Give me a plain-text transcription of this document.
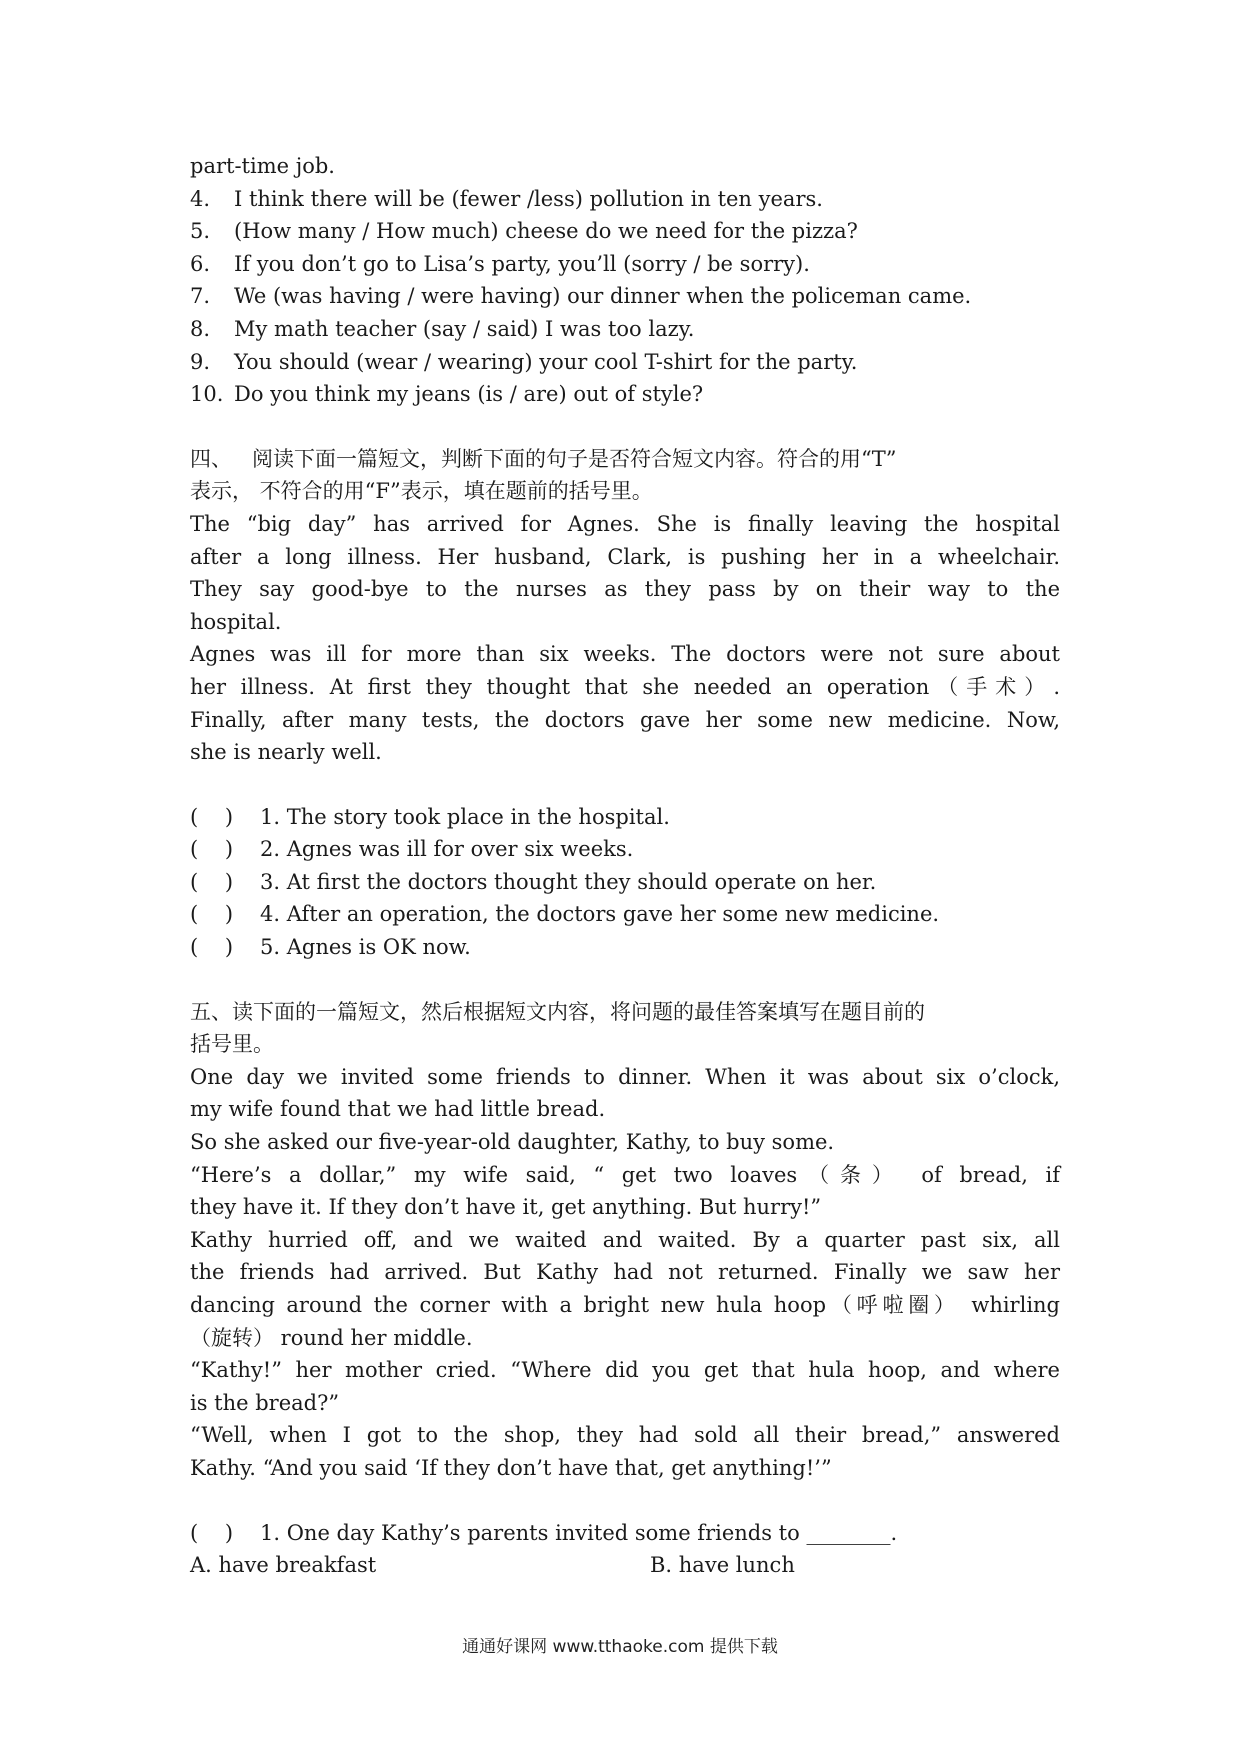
part-time job.
4. I think there will be (fewer /less) pollution in ten years.
5. (How many / How much) cheese do we need for the pizza?
6. If you don’t go to Lisa’s party, you’ll (sorry / be sorry).
7. We (was having / were having) our dinner when the policeman came.
8. My math teacher (say / said) I was too lazy.
9. You should (wear / wearing) your cool T-shirt for the party.
10. Do you think my jeans (is / are) out of style?
四、   阅读下面一篇短文，判断下面的句子是否符合短文内容。符合的用“T”
表示， 不符合的用“F”表示，填在题前的括号里。
The “big day” has arrived for Agnes. She is finally leaving the hospital
after a long illness. Her husband, Clark, is pushing her in a wheelchair.
They say good-bye to the nurses as they pass by on their way to the
hospital.
Agnes was ill for more than six weeks. The doctors were not sure about
her illness. At first they thought that she needed an operation（手术）.
Finally, after many tests, the doctors gave her some new medicine. Now,
she is nearly well.
(    ) 1. The story took place in the hospital.
(    ) 2. Agnes was ill for over six weeks.
(    ) 3. At first the doctors thought they should operate on her.
(    ) 4. After an operation, the doctors gave her some new medicine.
(    ) 5. Agnes is OK now.
五、读下面的一篇短文，然后根据短文内容，将问题的最佳答案填写在题目前的
括号里。
One day we invited some friends to dinner. When it was about six o’clock,
my wife found that we had little bread.
So she asked our five-year-old daughter, Kathy, to buy some.
“Here’s a dollar,” my wife said, “ get two loaves（条） of bread, if
they have it. If they don’t have it, get anything. But hurry!”
Kathy hurried off, and we waited and waited. By a quarter past six, all
the friends had arrived. But Kathy had not returned. Finally we saw her
dancing around the corner with a bright new hula hoop（呼啦圈） whirling
（旋转） round her middle.
“Kathy!” her mother cried. “Where did you get that hula hoop, and where
is the bread?”
“Well, when I got to the shop, they had sold all their bread,” answered
Kathy. “And you said ‘If they don’t have that, get anything!’”
(    ) 1. One day Kathy’s parents invited some friends to ________.
A. have breakfast	B. have lunch
通通好课网 www.tthaoke.com 提供下载
